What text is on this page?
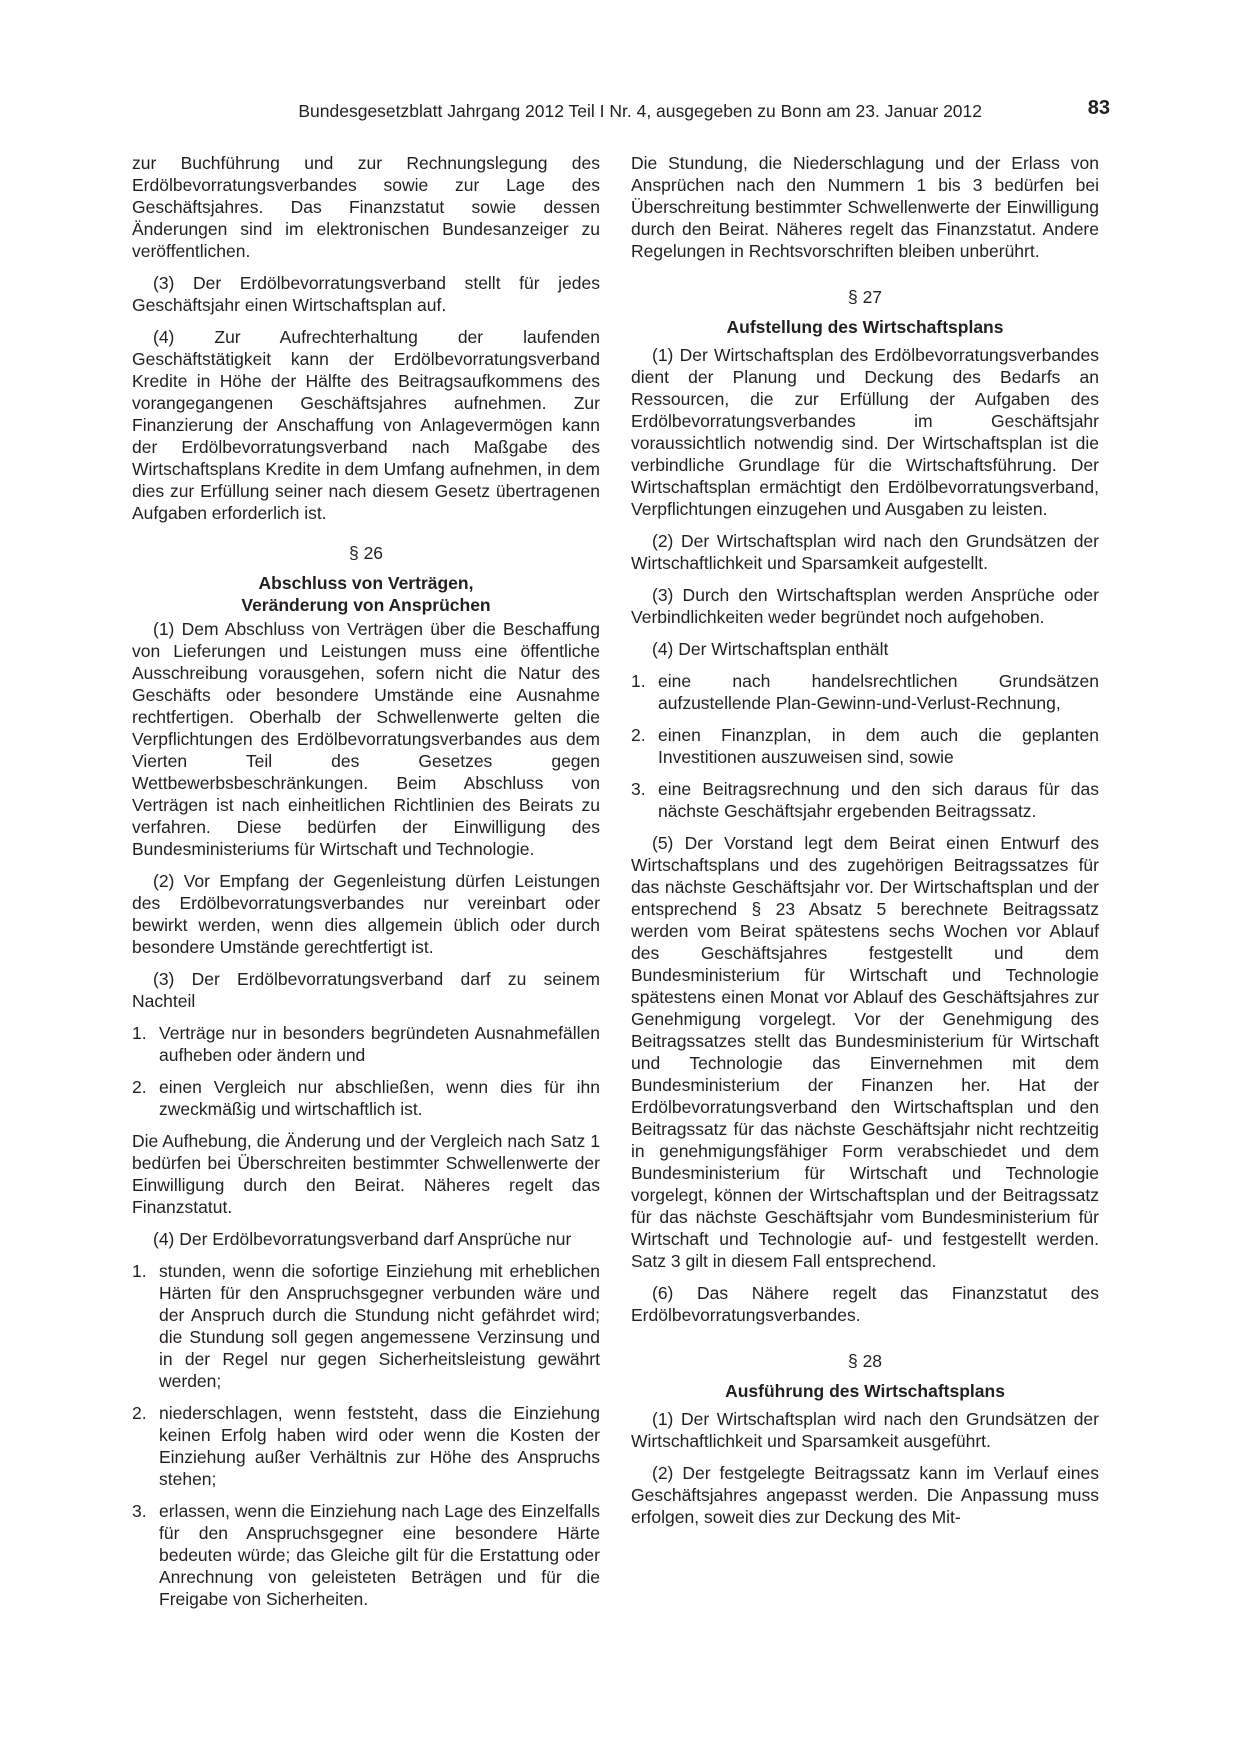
Bundesgesetzblatt Jahrgang 2012 Teil I Nr. 4, ausgegeben zu Bonn am 23. Januar 2012	83

zur Buchführung und zur Rechnungslegung des Erdölbevorratungsverbandes sowie zur Lage des Geschäftsjahres. Das Finanzstatut sowie dessen Änderungen sind im elektronischen Bundesanzeiger zu veröffentlichen.

(3) Der Erdölbevorratungsverband stellt für jedes Geschäftsjahr einen Wirtschaftsplan auf.

(4) Zur Aufrechterhaltung der laufenden Geschäftstätigkeit kann der Erdölbevorratungsverband Kredite in Höhe der Hälfte des Beitragsaufkommens des vorangegangenen Geschäftsjahres aufnehmen. Zur Finanzierung der Anschaffung von Anlagevermögen kann der Erdölbevorratungsverband nach Maßgabe des Wirtschaftsplans Kredite in dem Umfang aufnehmen, in dem dies zur Erfüllung seiner nach diesem Gesetz übertragenen Aufgaben erforderlich ist.

§ 26
Abschluss von Verträgen,
Veränderung von Ansprüchen

(1) Dem Abschluss von Verträgen über die Beschaffung von Lieferungen und Leistungen muss eine öffentliche Ausschreibung vorausgehen, sofern nicht die Natur des Geschäfts oder besondere Umstände eine Ausnahme rechtfertigen. Oberhalb der Schwellenwerte gelten die Verpflichtungen des Erdölbevorratungsverbandes aus dem Vierten Teil des Gesetzes gegen Wettbewerbsbeschränkungen. Beim Abschluss von Verträgen ist nach einheitlichen Richtlinien des Beirats zu verfahren. Diese bedürfen der Einwilligung des Bundesministeriums für Wirtschaft und Technologie.

(2) Vor Empfang der Gegenleistung dürfen Leistungen des Erdölbevorratungsverbandes nur vereinbart oder bewirkt werden, wenn dies allgemein üblich oder durch besondere Umstände gerechtfertigt ist.

(3) Der Erdölbevorratungsverband darf zu seinem Nachteil

1. Verträge nur in besonders begründeten Ausnahmefällen aufheben oder ändern und
2. einen Vergleich nur abschließen, wenn dies für ihn zweckmäßig und wirtschaftlich ist.

Die Aufhebung, die Änderung und der Vergleich nach Satz 1 bedürfen bei Überschreiten bestimmter Schwellenwerte der Einwilligung durch den Beirat. Näheres regelt das Finanzstatut.

(4) Der Erdölbevorratungsverband darf Ansprüche nur

1. stunden, wenn die sofortige Einziehung mit erheblichen Härten für den Anspruchsgegner verbunden wäre und der Anspruch durch die Stundung nicht gefährdet wird; die Stundung soll gegen angemessene Verzinsung und in der Regel nur gegen Sicherheitsleistung gewährt werden;
2. niederschlagen, wenn feststeht, dass die Einziehung keinen Erfolg haben wird oder wenn die Kosten der Einziehung außer Verhältnis zur Höhe des Anspruchs stehen;
3. erlassen, wenn die Einziehung nach Lage des Einzelfalls für den Anspruchsgegner eine besondere Härte bedeuten würde; das Gleiche gilt für die Erstattung oder Anrechnung von geleisteten Beträgen und für die Freigabe von Sicherheiten.

Die Stundung, die Niederschlagung und der Erlass von Ansprüchen nach den Nummern 1 bis 3 bedürfen bei Überschreitung bestimmter Schwellenwerte der Einwilligung durch den Beirat. Näheres regelt das Finanzstatut. Andere Regelungen in Rechtsvorschriften bleiben unberührt.

§ 27
Aufstellung des Wirtschaftsplans

(1) Der Wirtschaftsplan des Erdölbevorratungsverbandes dient der Planung und Deckung des Bedarfs an Ressourcen, die zur Erfüllung der Aufgaben des Erdölbevorratungsverbandes im Geschäftsjahr voraussichtlich notwendig sind. Der Wirtschaftsplan ist die verbindliche Grundlage für die Wirtschaftsführung. Der Wirtschaftsplan ermächtigt den Erdölbevorratungsverband, Verpflichtungen einzugehen und Ausgaben zu leisten.

(2) Der Wirtschaftsplan wird nach den Grundsätzen der Wirtschaftlichkeit und Sparsamkeit aufgestellt.

(3) Durch den Wirtschaftsplan werden Ansprüche oder Verbindlichkeiten weder begründet noch aufgehoben.

(4) Der Wirtschaftsplan enthält

1. eine nach handelsrechtlichen Grundsätzen aufzustellende Plan-Gewinn-und-Verlust-Rechnung,
2. einen Finanzplan, in dem auch die geplanten Investitionen auszuweisen sind, sowie
3. eine Beitragsrechnung und den sich daraus für das nächste Geschäftsjahr ergebenden Beitragssatz.

(5) Der Vorstand legt dem Beirat einen Entwurf des Wirtschaftsplans und des zugehörigen Beitragssatzes für das nächste Geschäftsjahr vor. Der Wirtschaftsplan und der entsprechend § 23 Absatz 5 berechnete Beitragssatz werden vom Beirat spätestens sechs Wochen vor Ablauf des Geschäftsjahres festgestellt und dem Bundesministerium für Wirtschaft und Technologie spätestens einen Monat vor Ablauf des Geschäftsjahres zur Genehmigung vorgelegt. Vor der Genehmigung des Beitragssatzes stellt das Bundesministerium für Wirtschaft und Technologie das Einvernehmen mit dem Bundesministerium der Finanzen her. Hat der Erdölbevorratungsverband den Wirtschaftsplan und den Beitragssatz für das nächste Geschäftsjahr nicht rechtzeitig in genehmigungsfähiger Form verabschiedet und dem Bundesministerium für Wirtschaft und Technologie vorgelegt, können der Wirtschaftsplan und der Beitragssatz für das nächste Geschäftsjahr vom Bundesministerium für Wirtschaft und Technologie auf- und festgestellt werden. Satz 3 gilt in diesem Fall entsprechend.

(6) Das Nähere regelt das Finanzstatut des Erdölbevorratungsverbandes.

§ 28
Ausführung des Wirtschaftsplans

(1) Der Wirtschaftsplan wird nach den Grundsätzen der Wirtschaftlichkeit und Sparsamkeit ausgeführt.

(2) Der festgelegte Beitragssatz kann im Verlauf eines Geschäftsjahres angepasst werden. Die Anpassung muss erfolgen, soweit dies zur Deckung des Mit-
